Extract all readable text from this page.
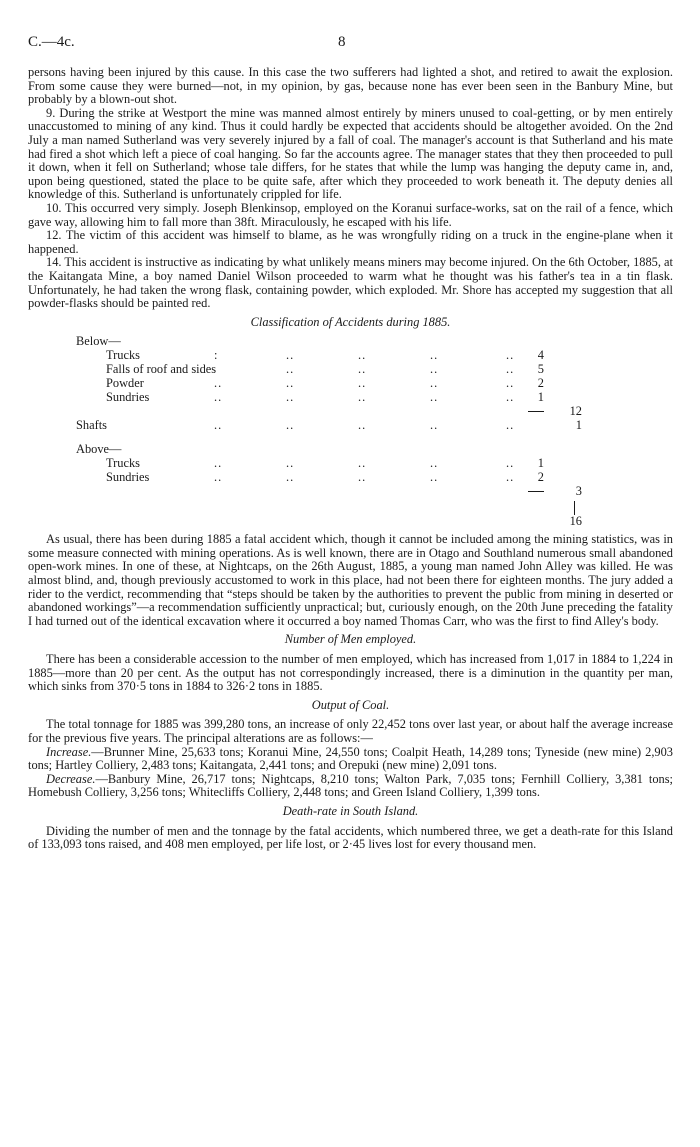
C.—4c.	8

persons having been injured by this cause. In this case the two sufferers had lighted a shot, and retired to await the explosion. From some cause they were burned—not, in my opinion, by gas, because none has ever been seen in the Banbury Mine, but probably by a blown-out shot.

9. During the strike at Westport the mine was manned almost entirely by miners unused to coal-getting, or by men entirely unaccustomed to mining of any kind. Thus it could hardly be expected that accidents should be altogether avoided. On the 2nd July a man named Sutherland was very severely injured by a fall of coal. The manager's account is that Sutherland and his mate had fired a shot which left a piece of coal hanging. So far the accounts agree. The manager states that they then proceeded to pull it down, when it fell on Sutherland; whose tale differs, for he states that while the lump was hanging the deputy came in, and, upon being questioned, stated the place to be quite safe, after which they proceeded to work beneath it. The deputy denies all knowledge of this. Sutherland is unfortunately crippled for life.

10. This occurred very simply. Joseph Blenkinsop, employed on the Koranui surface-works, sat on the rail of a fence, which gave way, allowing him to fall more than 38ft. Miraculously, he escaped with his life.

12. The victim of this accident was himself to blame, as he was wrongfully riding on a truck in the engine-plane when it happened.

14. This accident is instructive as indicating by what unlikely means miners may become injured. On the 6th October, 1885, at the Kaitangata Mine, a boy named Daniel Wilson proceeded to warm what he thought was his father's tea in a tin flask. Unfortunately, he had taken the wrong flask, containing powder, which exploded. Mr. Shore has accepted my suggestion that all powder-flasks should be painted red.

Classification of Accidents during 1885.
Below—
Trucks	:	..	..	..	..	4
Falls of roof and sides	..	..	..	..	5
Powder	..	..	..	..	..	2
Sundries	..	..	..	..	..	1
12
Shafts	..	..	..	..	..	1
Above—
Trucks	..	..	..	..	..	1
Sundries	..	..	..	..	..	2
3
16

As usual, there has been during 1885 a fatal accident which, though it cannot be included among the mining statistics, was in some measure connected with mining operations. As is well known, there are in Otago and Southland numerous small abandoned open-work mines. In one of these, at Nightcaps, on the 26th August, 1885, a young man named John Alley was killed. He was almost blind, and, though previously accustomed to work in this place, had not been there for eighteen months. The jury added a rider to the verdict, recommending that “steps should be taken by the authorities to prevent the public from mining in deserted or abandoned workings”—a recommendation sufficiently unpractical; but, curiously enough, on the 20th June preceding the fatality I had turned out of the identical excavation where it occurred a boy named Thomas Carr, who was the first to find Alley's body.

Number of Men employed.

There has been a considerable accession to the number of men employed, which has increased from 1,017 in 1884 to 1,224 in 1885—more than 20 per cent. As the output has not correspondingly increased, there is a diminution in the quantity per man, which sinks from 370·5 tons in 1884 to 326·2 tons in 1885.

Output of Coal.

The total tonnage for 1885 was 399,280 tons, an increase of only 22,452 tons over last year, or about half the average increase for the previous five years. The principal alterations are as follows:—

Increase.—Brunner Mine, 25,633 tons; Koranui Mine, 24,550 tons; Coalpit Heath, 14,289 tons; Tyneside (new mine) 2,903 tons; Hartley Colliery, 2,483 tons; Kaitangata, 2,441 tons; and Orepuki (new mine) 2,091 tons.

Decrease.—Banbury Mine, 26,717 tons; Nightcaps, 8,210 tons; Walton Park, 7,035 tons; Fernhill Colliery, 3,381 tons; Homebush Colliery, 3,256 tons; Whitecliffs Colliery, 2,448 tons; and Green Island Colliery, 1,399 tons.

Death-rate in South Island.

Dividing the number of men and the tonnage by the fatal accidents, which numbered three, we get a death-rate for this Island of 133,093 tons raised, and 408 men employed, per life lost, or 2·45 lives lost for every thousand men.
